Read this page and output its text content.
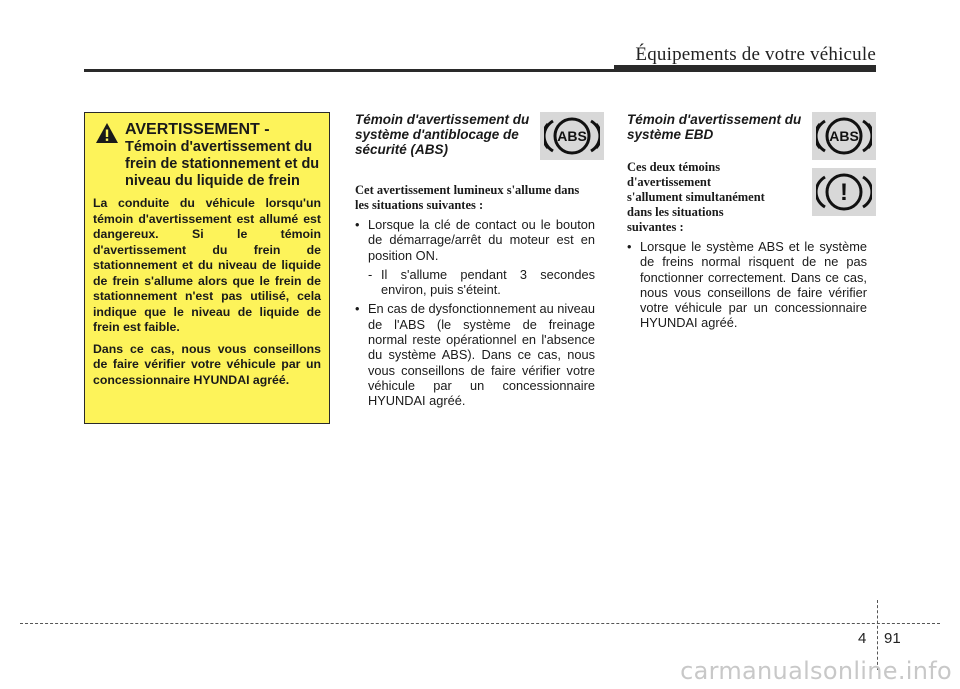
Équipements de votre véhicule
AVERTISSEMENT -
Témoin d'avertissement du frein de stationnement et du niveau du liquide de frein

La conduite du véhicule lorsqu'un témoin d'avertissement est allumé est dangereux. Si le témoin d'avertissement du frein de stationnement et du niveau de liquide de frein s'allume alors que le frein de stationnement n'est pas utilisé, cela indique que le niveau de liquide de frein est faible.

Dans ce cas, nous vous conseillons de faire vérifier votre véhicule par un concessionnaire HYUNDAI agréé.

Témoin d'avertissement du système d'antiblocage de sécurité (ABS)
Cet avertissement lumineux s'allume dans les situations suivantes :
• Lorsque la clé de contact ou le bouton de démarrage/arrêt du moteur est en position ON.
- Il s'allume pendant 3 secondes environ, puis s'éteint.
• En cas de dysfonctionnement au niveau de l'ABS (le système de freinage normal reste opérationnel en l'absence du système ABS). Dans ce cas, nous vous conseillons de faire vérifier votre véhicule par un concessionnaire HYUNDAI agréé.
ABS
Témoin d'avertissement du système EBD
Ces deux témoins d'avertissement s'allument simultanément dans les situations suivantes :
• Lorsque le système ABS et le système de freins normal risquent de ne pas fonctionner correctement. Dans ce cas, nous vous conseillons de faire vérifier votre véhicule par un concessionnaire HYUNDAI agréé.
ABS
!
4 91
carmanualsonline.info
